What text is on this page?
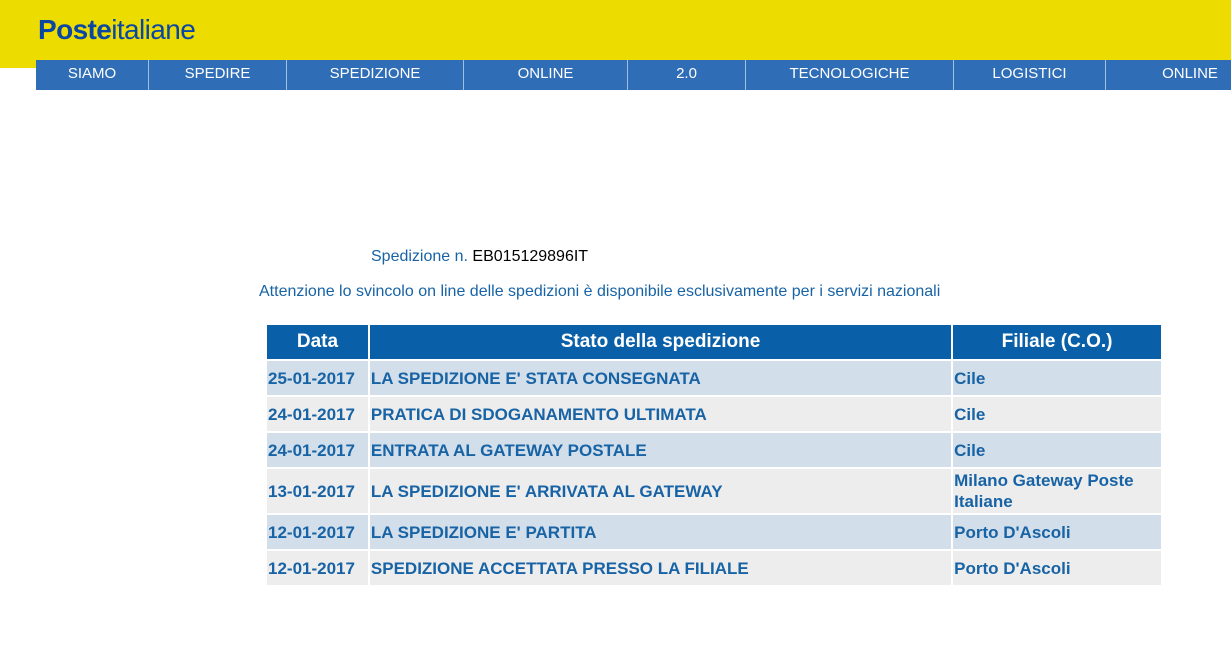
Posteitaliane
SIAMO	SPEDIRE	SPEDIZIONE	ONLINE	2.0	TECNOLOGICHE	LOGISTICI	ONLINE
Spedizione n. EB015129896IT
Attenzione lo svincolo on line delle spedizioni è disponibile esclusivamente per i servizi nazionali
Data	Stato della spedizione	Filiale (C.O.)
25-01-2017	LA SPEDIZIONE E' STATA CONSEGNATA	Cile
24-01-2017	PRATICA DI SDOGANAMENTO ULTIMATA	Cile
24-01-2017	ENTRATA AL GATEWAY POSTALE	Cile
13-01-2017	LA SPEDIZIONE E' ARRIVATA AL GATEWAY	Milano Gateway Poste Italiane
12-01-2017	LA SPEDIZIONE E' PARTITA	Porto D'Ascoli
12-01-2017	SPEDIZIONE ACCETTATA PRESSO LA FILIALE	Porto D'Ascoli
